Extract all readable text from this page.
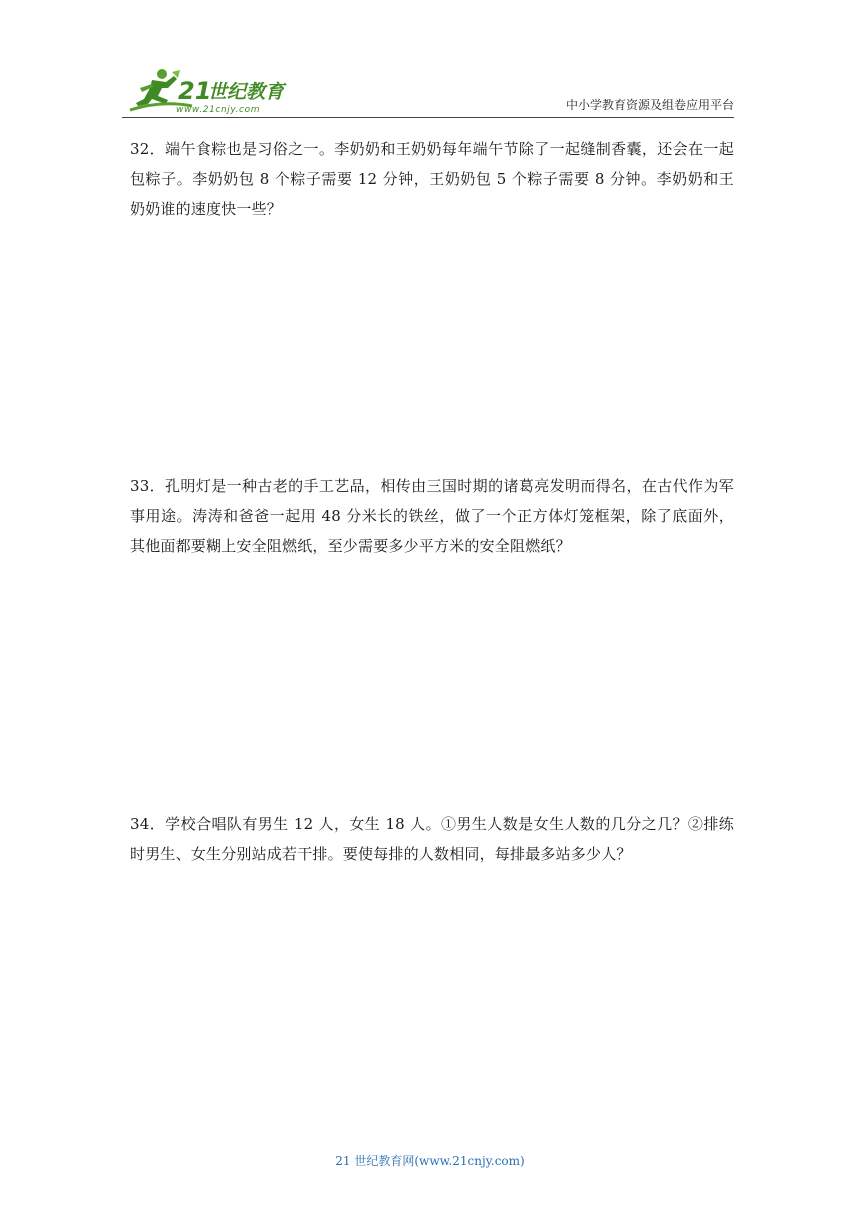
21
世纪教育
www.21cnjy.com	中小学教育资源及组卷应用平台
32．端午食粽也是习俗之一。李奶奶和王奶奶每年端午节除了一起缝制香囊，还会在一起包粽子。李奶奶包 8 个粽子需要 12 分钟，王奶奶包 5 个粽子需要 8 分钟。李奶奶和王奶奶谁的速度快一些？
33．孔明灯是一种古老的手工艺品，相传由三国时期的诸葛亮发明而得名，在古代作为军事用途。涛涛和爸爸一起用 48 分米长的铁丝，做了一个正方体灯笼框架，除了底面外，其他面都要糊上安全阻燃纸，至少需要多少平方米的安全阻燃纸？
34．学校合唱队有男生 12 人，女生 18 人。①男生人数是女生人数的几分之几？②排练时男生、女生分别站成若干排。要使每排的人数相同，每排最多站多少人？
21 世纪教育网(www.21cnjy.com)
